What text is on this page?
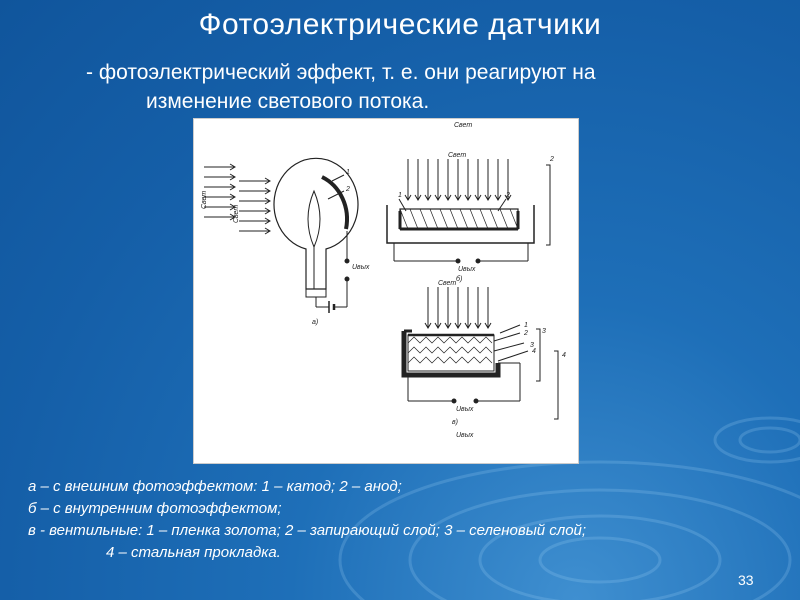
Фотоэлектрические датчики
- фотоэлектрический эффект, т. е. они реагируют на
изменение светового потока.
Свет
Свет
1
2
Uвых
а)
Свет
Свет
1	2
2
Uвых
б)
Свет
1
2
3
3
4
4
Uвых
в)
Uвых
а – с внешним фотоэффектом: 1 – катод; 2 – анод;
б – с внутренним фотоэффектом;
в - вентильные: 1 – пленка золота; 2 – запирающий слой; 3 – селеновый слой;
4 – стальная прокладка.
33
